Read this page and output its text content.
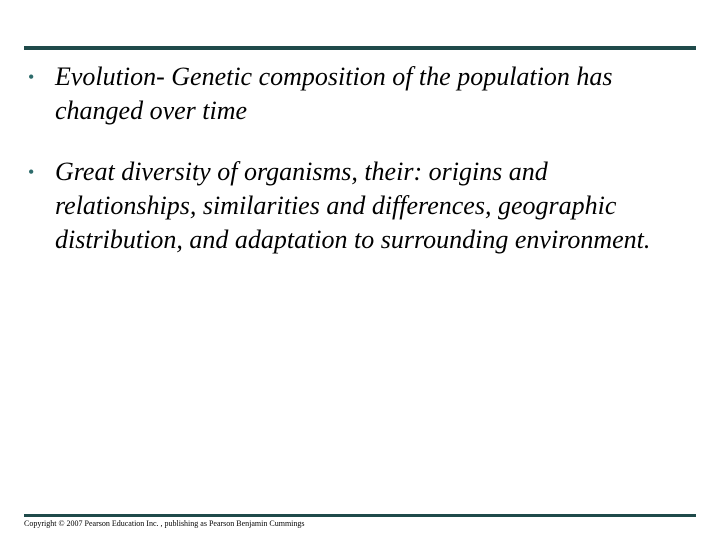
• Evolution- Genetic composition of the population has changed over time
• Great diversity of organisms, their: origins and relationships, similarities and differences, geographic distribution, and adaptation to surrounding environment.
Copyright © 2007 Pearson Education Inc. , publishing as Pearson Benjamin Cummings
